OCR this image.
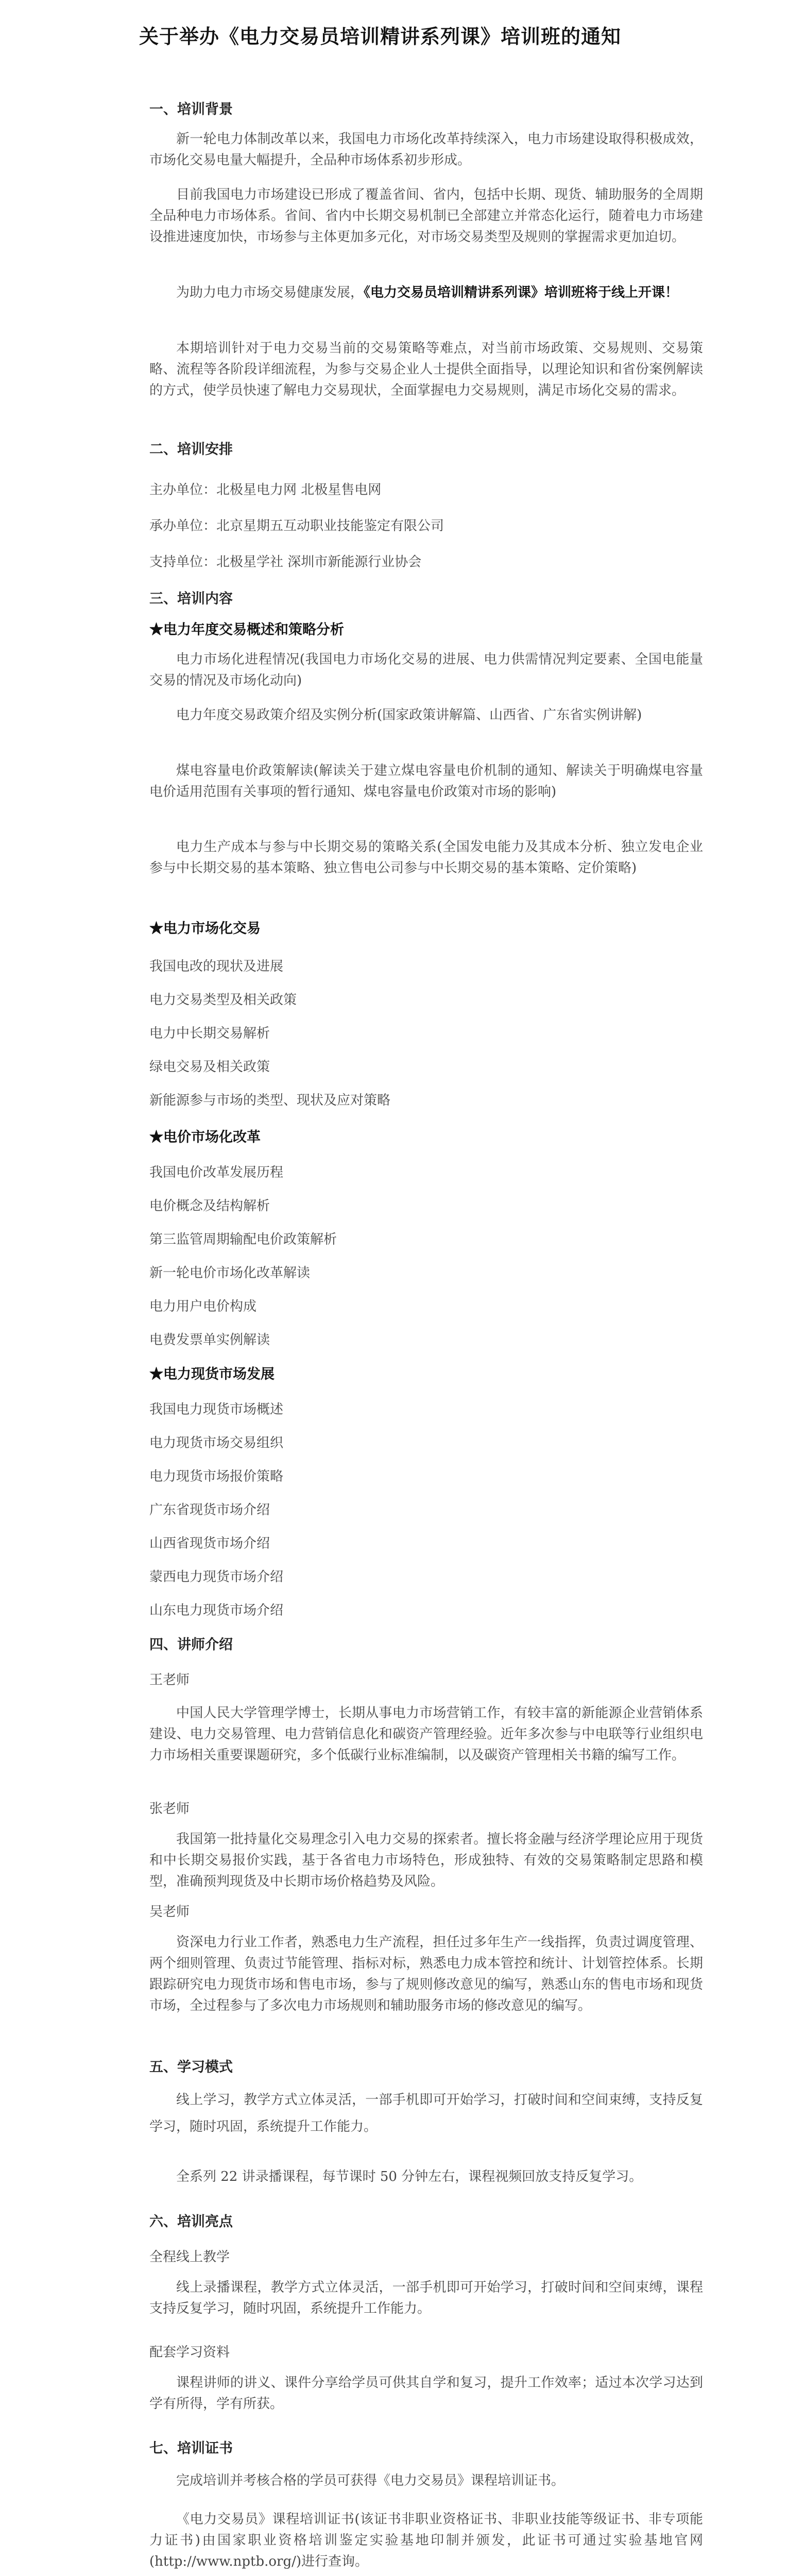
关于举办《电力交易员培训精讲系列课》培训班的通知
一、培训背景
新一轮电力体制改革以来，我国电力市场化改革持续深入，电力市场建设取得积极成效，市场化交易电量大幅提升，全品种市场体系初步形成。
目前我国电力市场建设已形成了覆盖省间、省内，包括中长期、现货、辅助服务的全周期全品种电力市场体系。省间、省内中长期交易机制已全部建立并常态化运行，随着电力市场建设推进速度加快，市场参与主体更加多元化，对市场交易类型及规则的掌握需求更加迫切。
为助力电力市场交易健康发展，《电力交易员培训精讲系列课》培训班将于线上开课！
本期培训针对于电力交易当前的交易策略等难点，对当前市场政策、交易规则、交易策略、流程等各阶段详细流程，为参与交易企业人士提供全面指导，以理论知识和省份案例解读的方式，使学员快速了解电力交易现状，全面掌握电力交易规则，满足市场化交易的需求。
二、培训安排
主办单位：北极星电力网 北极星售电网
承办单位：北京星期五互动职业技能鉴定有限公司
支持单位：北极星学社 深圳市新能源行业协会
三、培训内容
★电力年度交易概述和策略分析
电力市场化进程情况(我国电力市场化交易的进展、电力供需情况判定要素、全国电能量交易的情况及市场化动向)
电力年度交易政策介绍及实例分析(国家政策讲解篇、山西省、广东省实例讲解)
煤电容量电价政策解读(解读关于建立煤电容量电价机制的通知、解读关于明确煤电容量电价适用范围有关事项的暂行通知、煤电容量电价政策对市场的影响)
电力生产成本与参与中长期交易的策略关系(全国发电能力及其成本分析、独立发电企业参与中长期交易的基本策略、独立售电公司参与中长期交易的基本策略、定价策略)
★电力市场化交易
我国电改的现状及进展
电力交易类型及相关政策
电力中长期交易解析
绿电交易及相关政策
新能源参与市场的类型、现状及应对策略
★电价市场化改革
我国电价改革发展历程
电价概念及结构解析
第三监管周期输配电价政策解析
新一轮电价市场化改革解读
电力用户电价构成
电费发票单实例解读
★电力现货市场发展
我国电力现货市场概述
电力现货市场交易组织
电力现货市场报价策略
广东省现货市场介绍
山西省现货市场介绍
蒙西电力现货市场介绍
山东电力现货市场介绍
四、讲师介绍
王老师
中国人民大学管理学博士，长期从事电力市场营销工作，有较丰富的新能源企业营销体系建设、电力交易管理、电力营销信息化和碳资产管理经验。近年多次参与中电联等行业组织电力市场相关重要课题研究，多个低碳行业标准编制，以及碳资产管理相关书籍的编写工作。
张老师
我国第一批持量化交易理念引入电力交易的探索者。擅长将金融与经济学理论应用于现货和中长期交易报价实践，基于各省电力市场特色，形成独特、有效的交易策略制定思路和模型，准确预判现货及中长期市场价格趋势及风险。
吴老师
资深电力行业工作者，熟悉电力生产流程，担任过多年生产一线指挥，负责过调度管理、两个细则管理、负责过节能管理、指标对标，熟悉电力成本管控和统计、计划管控体系。长期跟踪研究电力现货市场和售电市场，参与了规则修改意见的编写，熟悉山东的售电市场和现货市场，全过程参与了多次电力市场规则和辅助服务市场的修改意见的编写。
五、学习模式
线上学习，教学方式立体灵活，一部手机即可开始学习，打破时间和空间束缚，支持反复学习，随时巩固，系统提升工作能力。
全系列 22 讲录播课程，每节课时 50 分钟左右，课程视频回放支持反复学习。
六、培训亮点
全程线上教学
线上录播课程，教学方式立体灵活，一部手机即可开始学习，打破时间和空间束缚，课程支持反复学习，随时巩固，系统提升工作能力。
配套学习资料
课程讲师的讲义、课件分享给学员可供其自学和复习，提升工作效率；适过本次学习达到学有所得，学有所获。
七、培训证书
完成培训并考核合格的学员可获得《电力交易员》课程培训证书。
《电力交易员》课程培训证书(该证书非职业资格证书、非职业技能等级证书、非专项能力证书)由国家职业资格培训鉴定实验基地印制并颁发，此证书可通过实验基地官网(http://www.nptb.org/)进行查询。
